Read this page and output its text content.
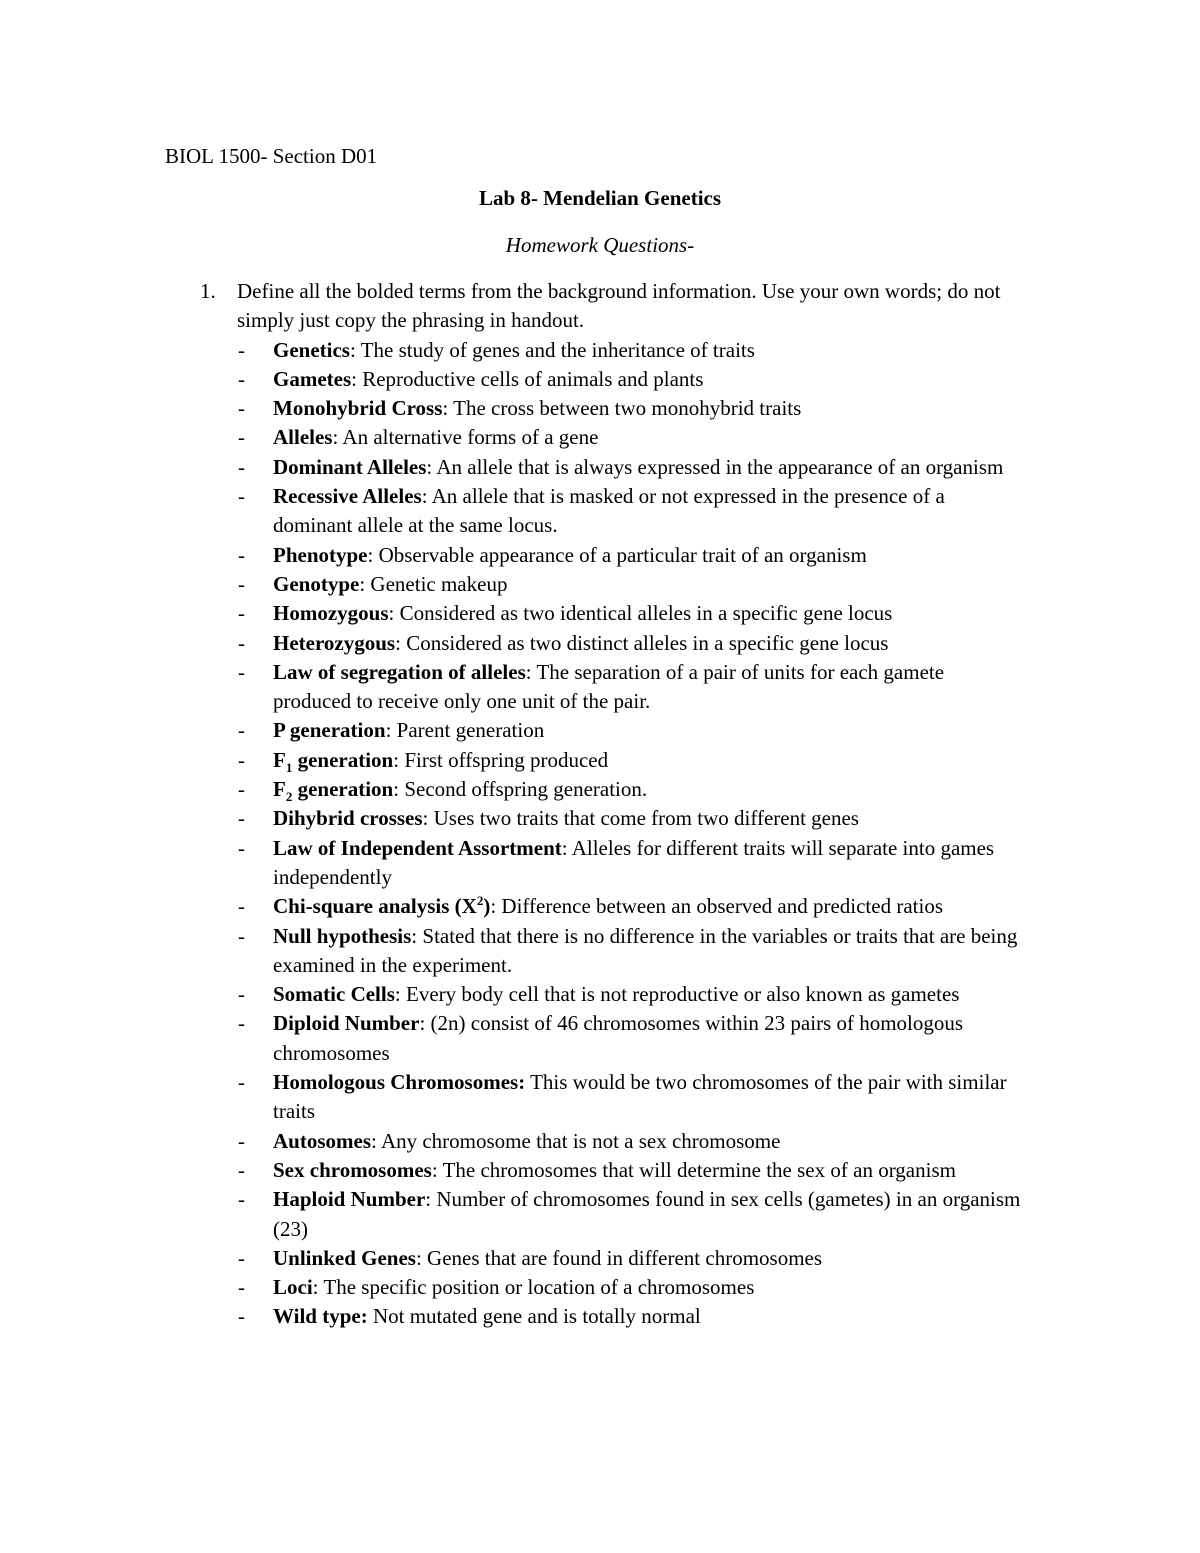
BIOL 1500- Section D01
Lab 8- Mendelian Genetics
Homework Questions-
1. Define all the bolded terms from the background information. Use your own words; do not simply just copy the phrasing in handout.
- Genetics: The study of genes and the inheritance of traits
- Gametes: Reproductive cells of animals and plants
- Monohybrid Cross: The cross between two monohybrid traits
- Alleles: An alternative forms of a gene
- Dominant Alleles: An allele that is always expressed in the appearance of an organism
- Recessive Alleles: An allele that is masked or not expressed in the presence of a dominant allele at the same locus.
- Phenotype: Observable appearance of a particular trait of an organism
- Genotype: Genetic makeup
- Homozygous: Considered as two identical alleles in a specific gene locus
- Heterozygous: Considered as two distinct alleles in a specific gene locus
- Law of segregation of alleles: The separation of a pair of units for each gamete produced to receive only one unit of the pair.
- P generation: Parent generation
- $F_1$ generation: First offspring produced
- $F_2$ generation: Second offspring generation.
- Dihybrid crosses: Uses two traits that come from two different genes
- Law of Independent Assortment: Alleles for different traits will separate into games independently
- Chi-square analysis $(X^2)$: Difference between an observed and predicted ratios
- Null hypothesis: Stated that there is no difference in the variables or traits that are being examined in the experiment.
- Somatic Cells: Every body cell that is not reproductive or also known as gametes
- Diploid Number: (2n) consist of 46 chromosomes within 23 pairs of homologous chromosomes
- Homologous Chromosomes: This would be two chromosomes of the pair with similar traits
- Autosomes: Any chromosome that is not a sex chromosome
- Sex chromosomes: The chromosomes that will determine the sex of an organism
- Haploid Number: Number of chromosomes found in sex cells (gametes) in an organism (23)
- Unlinked Genes: Genes that are found in different chromosomes
- Loci: The specific position or location of a chromosomes
- Wild type: Not mutated gene and is totally normal
